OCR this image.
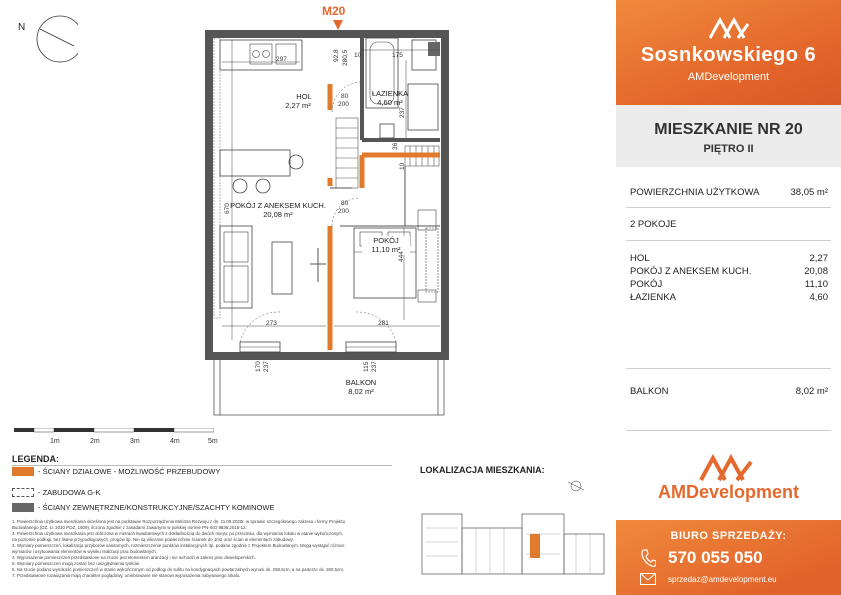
N
M20
HOL
2,27 m²
ŁAZIENKA
4,60 m²
POKÓJ Z ANEKSEM KUCH.
20,08 m²
POKÓJ
11,10 m²
BALKON
8,02 m²
297
10	175
280,5
92,8
80
200
237
36
10
80
200
670
444
273	281
170 237	115 237
1m	2m	3m	4m	5m
LEGENDA:
- ŚCIANY DZIAŁOWE - MOŻLIWOŚĆ PRZEBUDOWY
- ZABUDOWA G-K
- ŚCIANY ZEWNĘTRZNE/KONSTRUKCYJNE/SZACHTY KOMINOWE
1. Powierzchnia użytkowa mieszkania określona jest na podstawie Rozporządzenia Ministra Rozwoju z dn. 11.09.2020r. w sprawie szczegółowego zakresu i formy Projektu
Budowlanego (DZ. U. 2020 POZ. 1609), liczona zgodnie z zasadami zawartymi w polskiej normie PN-ISO 9836:2015-12.
2. Powierzchnia użytkowa mieszkania jest obliczona w metrach kwadratowych z dokładnością do dwóch miejsc po przecinku, dla wymiarów lokalu w stanie wykończonym,
na poziomie podłogi, bez listew przypodłogowych, progów itp. Nie są wliczane powierzchnie ścianek do 1m2 oraz ścian w elementach zabudowy.
3. Wymiary pomieszczeń, lokalizacja przyborów sanitarnych, rozmieszczenie punktów instalacyjnych itp. podane zgodnie z Projektem Budowlanym. Mogą wystąpić różnice
wymiarów i usytuowania elementów w wyniku realizacji prac budowlanych.
4. Wyposażenie pomieszczeń przedstawione na rzucie jest elementem aranżacji i nie wchodzi w zakres prac deweloperskich.
5. Wymiary pomieszczeń mogą zostać bez uwzględnienia tynków.
6. Na rzucie podano wysokość pomieszczeń w stanie wykończonym od podłogi do sufitu na kondygnacjach powtarzalnych wynosi ok. 258,5cm, a na parterze ok. 260,5cm.
7. Przedstawione rozwiązania mają charakter poglądowy, umeblowanie nie stanowi wyposażenia nabywanego lokalu.
LOKALIZACJA MIESZKANIA:
Sosnkowskiego 6
AMDevelopment
MIESZKANIE NR 20
PIĘTRO II
POWIERZCHNIA UŻYTKOWA	38,05 m²
2 POKOJE
HOL	2,27
POKÓJ Z ANEKSEM KUCH.	20,08
POKÓJ	11,10
ŁAZIENKA	4,60
BALKON	8,02 m²
AMDevelopment
BIURO SPRZEDAŻY:
570 055 050
sprzedaz@amdevelopment.eu
